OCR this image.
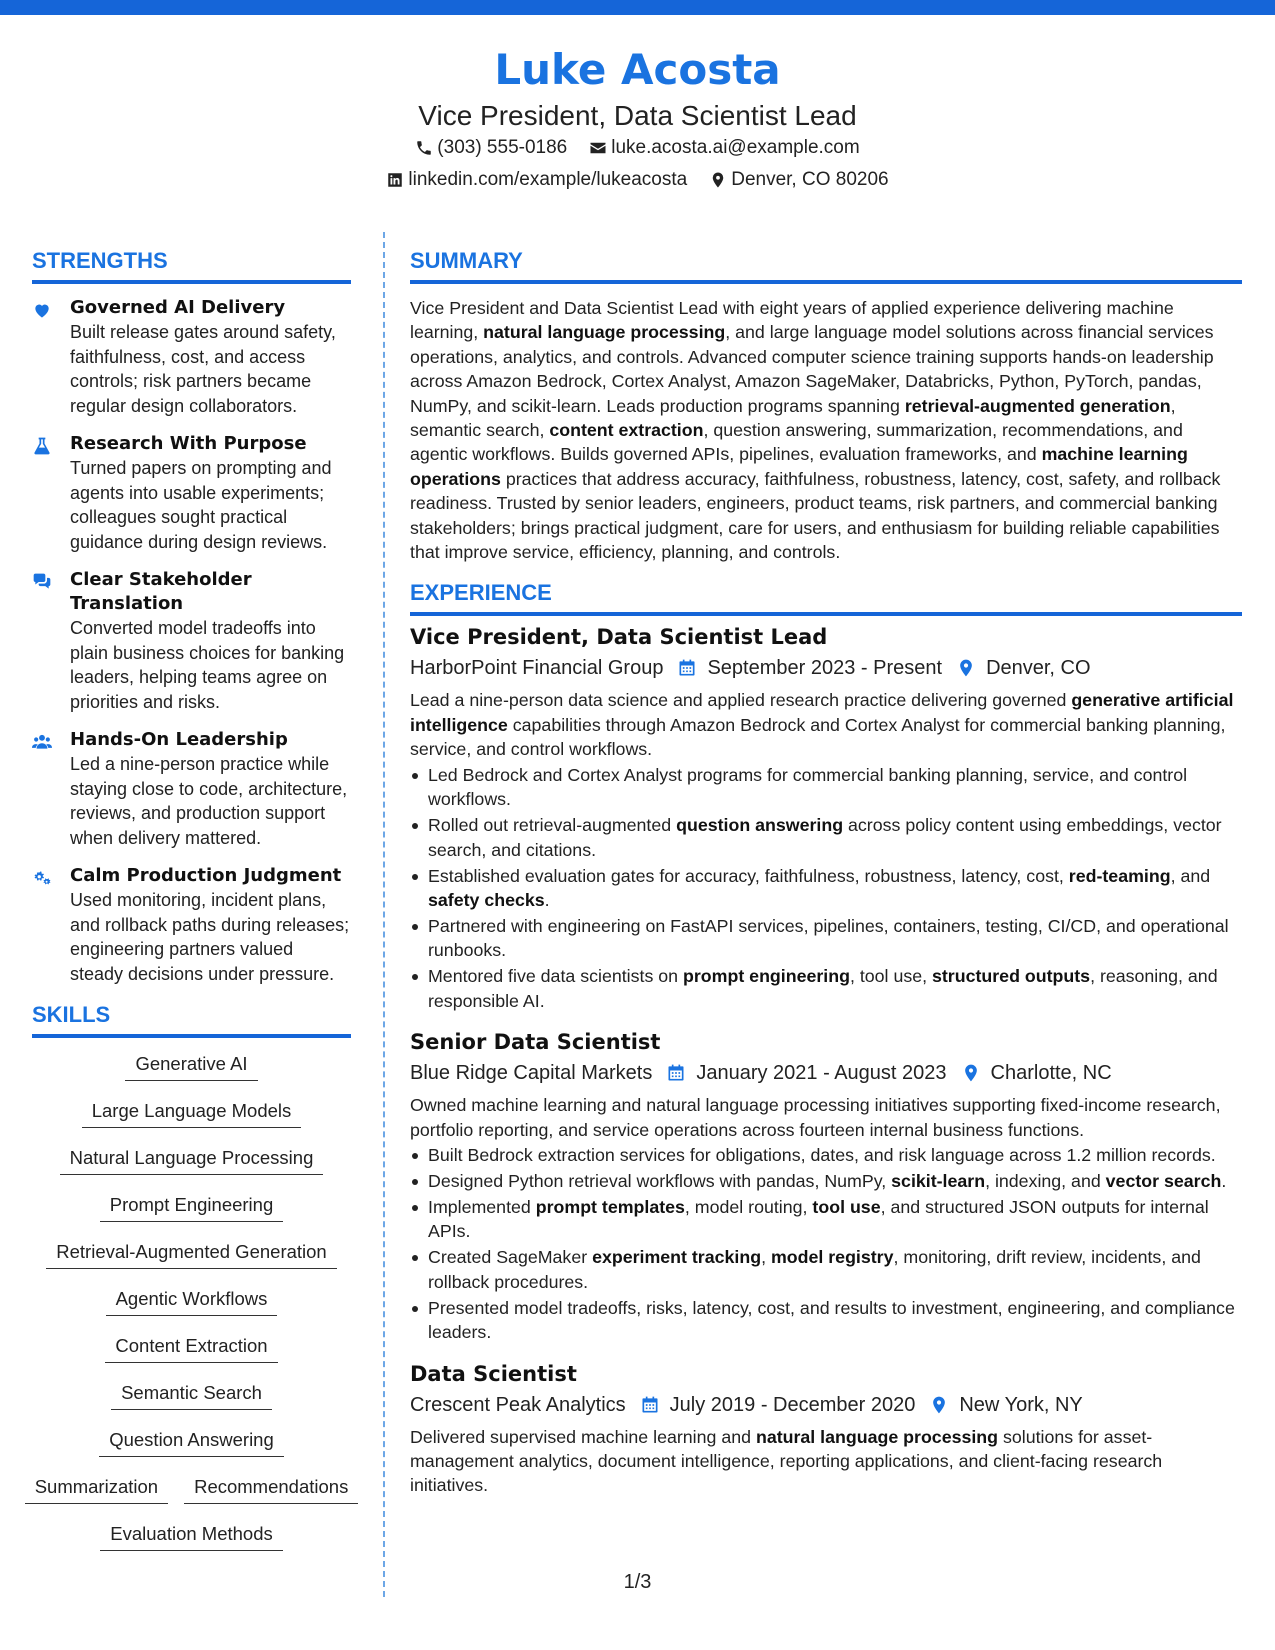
Luke Acosta
Vice President, Data Scientist Lead
(303) 555-0186 luke.acosta.ai@example.com
linkedin.com/example/lukeacosta Denver, CO 80206
STRENGTHS
Governed AI Delivery
Built release gates around safety, faithfulness, cost, and access controls; risk partners became regular design collaborators.
Research With Purpose
Turned papers on prompting and agents into usable experiments; colleagues sought practical guidance during design reviews.
Clear Stakeholder Translation
Converted model tradeoffs into plain business choices for banking leaders, helping teams agree on priorities and risks.
Hands-On Leadership
Led a nine-person practice while staying close to code, architecture, reviews, and production support when delivery mattered.
Calm Production Judgment
Used monitoring, incident plans, and rollback paths during releases; engineering partners valued steady decisions under pressure.
SKILLS
Generative AI
Large Language Models
Natural Language Processing
Prompt Engineering
Retrieval-Augmented Generation
Agentic Workflows
Content Extraction
Semantic Search
Question Answering
Summarization	Recommendations
Evaluation Methods
SUMMARY

Vice President and Data Scientist Lead with eight years of applied experience delivering machine learning, natural language processing, and large language model solutions across financial services operations, analytics, and controls. Advanced computer science training supports hands-on leadership across Amazon Bedrock, Cortex Analyst, Amazon SageMaker, Databricks, Python, PyTorch, pandas, NumPy, and scikit-learn. Leads production programs spanning retrieval-augmented generation, semantic search, content extraction, question answering, summarization, recommendations, and agentic workflows. Builds governed APIs, pipelines, evaluation frameworks, and machine learning operations practices that address accuracy, faithfulness, robustness, latency, cost, safety, and rollback readiness. Trusted by senior leaders, engineers, product teams, risk partners, and commercial banking stakeholders; brings practical judgment, care for users, and enthusiasm for building reliable capabilities that improve service, efficiency, planning, and controls.

EXPERIENCE
Vice President, Data Scientist Lead
HarborPoint Financial Group September 2023 - Present Denver, CO

Lead a nine-person data science and applied research practice delivering governed generative artificial intelligence capabilities through Amazon Bedrock and Cortex Analyst for commercial banking planning, service, and control workflows.

Led Bedrock and Cortex Analyst programs for commercial banking planning, service, and control workflows.
Rolled out retrieval-augmented question answering across policy content using embeddings, vector search, and citations.
Established evaluation gates for accuracy, faithfulness, robustness, latency, cost, red-teaming, and safety checks.
Partnered with engineering on FastAPI services, pipelines, containers, testing, CI/CD, and operational runbooks.
Mentored five data scientists on prompt engineering, tool use, structured outputs, reasoning, and responsible AI.
Senior Data Scientist
Blue Ridge Capital Markets January 2021 - August 2023 Charlotte, NC

Owned machine learning and natural language processing initiatives supporting fixed-income research, portfolio reporting, and service operations across fourteen internal business functions.

Built Bedrock extraction services for obligations, dates, and risk language across 1.2 million records.
Designed Python retrieval workflows with pandas, NumPy, scikit-learn, indexing, and vector search.
Implemented prompt templates, model routing, tool use, and structured JSON outputs for internal APIs.
Created SageMaker experiment tracking, model registry, monitoring, drift review, incidents, and rollback procedures.
Presented model tradeoffs, risks, latency, cost, and results to investment, engineering, and compliance leaders.
Data Scientist
Crescent Peak Analytics July 2019 - December 2020 New York, NY

Delivered supervised machine learning and natural language processing solutions for asset-management analytics, document intelligence, reporting applications, and client-facing research initiatives.

1/3
